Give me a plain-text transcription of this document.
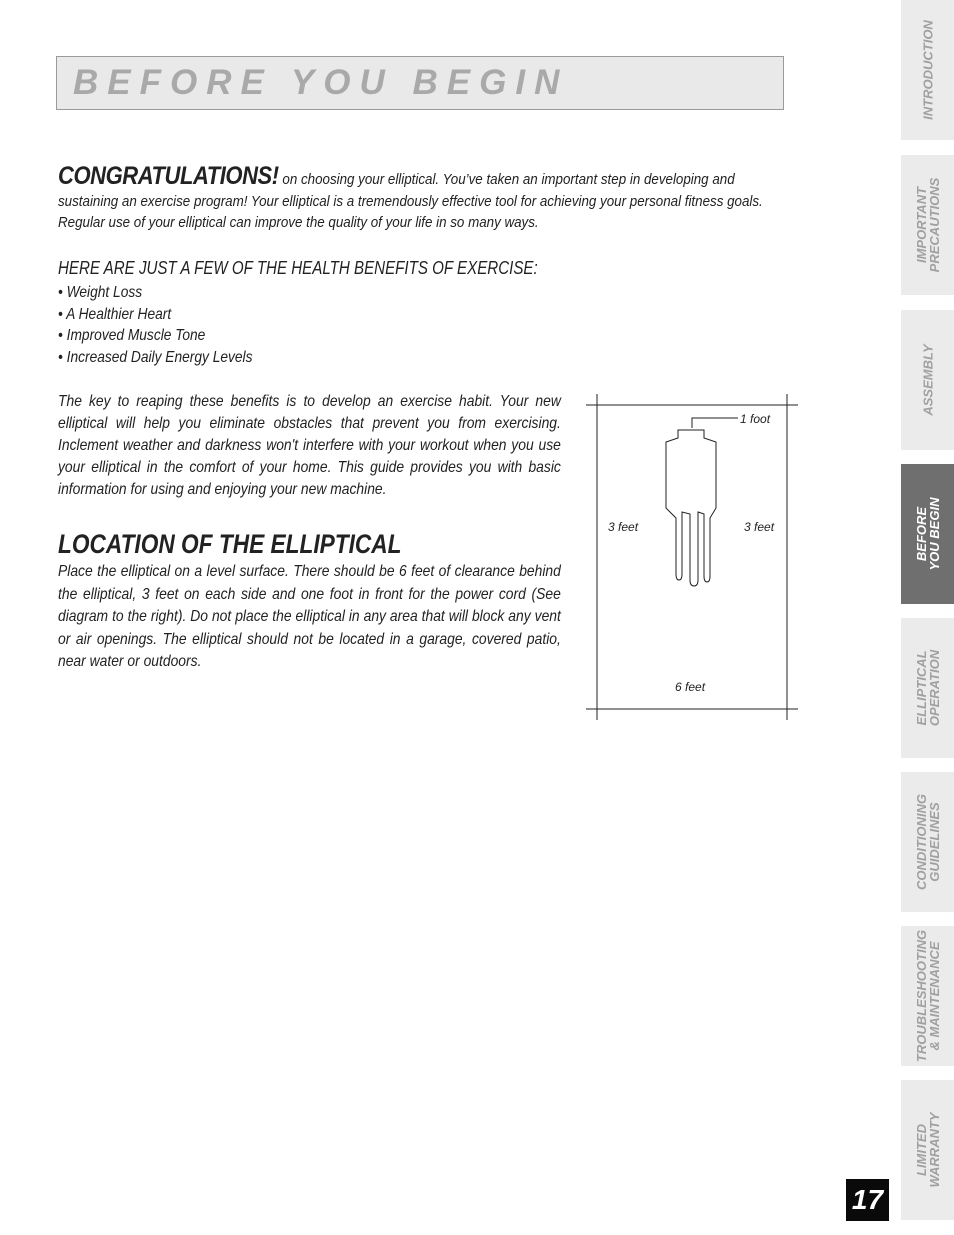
BEFORE YOU BEGIN
CONGRATULATIONS! on choosing your elliptical. You’ve taken an important step in developing and sustaining an exercise program! Your elliptical is a tremendously effective tool for achieving your personal fitness goals. Regular use of your elliptical can improve the quality of your life in so many ways.
HERE ARE JUST A FEW OF THE HEALTH BENEFITS OF EXERCISE:
• Weight Loss
• A Healthier Heart
• Improved Muscle Tone
• Increased Daily Energy Levels
The key to reaping these benefits is to develop an exercise habit. Your new elliptical will help you eliminate obstacles that prevent you from exercising. Inclement weather and darkness won't interfere with your workout when you use your elliptical in the comfort of your home. This guide provides you with basic information for using and enjoying your new machine.
LOCATION OF THE ELLIPTICAL
Place the elliptical on a level surface. There should be 6 feet of clearance behind the elliptical, 3 feet on each side and one foot in front for the power cord (See diagram to the right). Do not place the elliptical in any area that will block any vent or air openings. The elliptical should not be located in a garage, covered patio, near water or outdoors.
1 foot
3 feet	3 feet
6 feet
INTRODUCTION
IMPORTANT
PRECAUTIONS
ASSEMBLY
BEFORE
YOU BEGIN
ELLIPTICAL
OPERATION
CONDITIONING
GUIDELINES
TROUBLESHOOTING
& MAINTENANCE
LIMITED
WARRANTY
17
